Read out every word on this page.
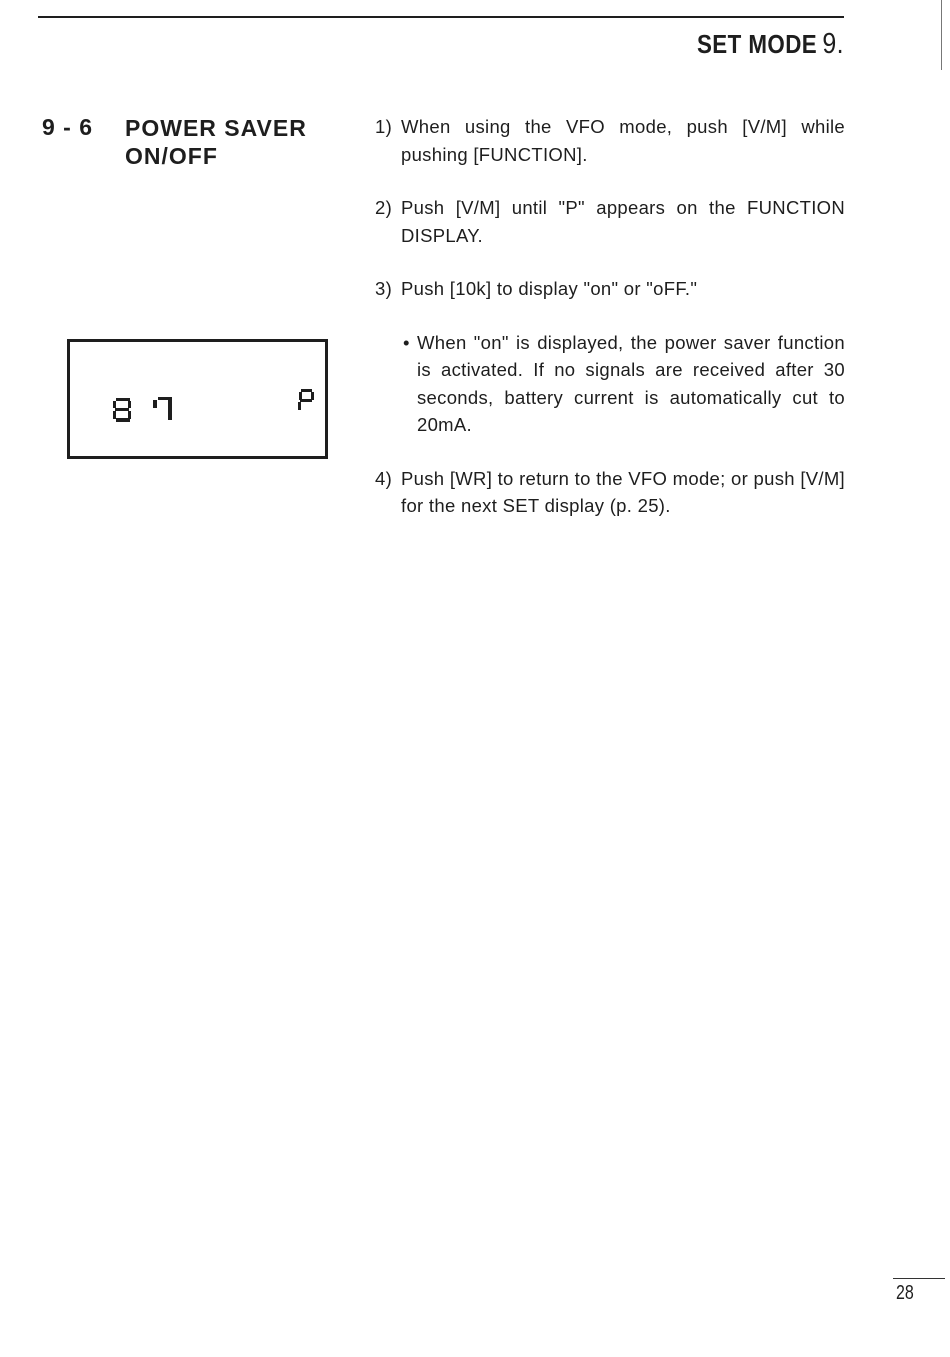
SET MODE 9.
9 - 6 POWER SAVER ON/OFF
1) When using the VFO mode, push [V/M] while pushing [FUNCTION].

2) Push [V/M] until "P" appears on the FUNCTION DISPLAY.

3) Push [10k] to display "on" or "oFF."

• When "on" is displayed, the power saver function is activated. If no signals are received after 30 seconds, battery current is automatically cut to 20mA.

4) Push [WR] to return to the VFO mode; or push [V/M] for the next SET display (p. 25).

28
